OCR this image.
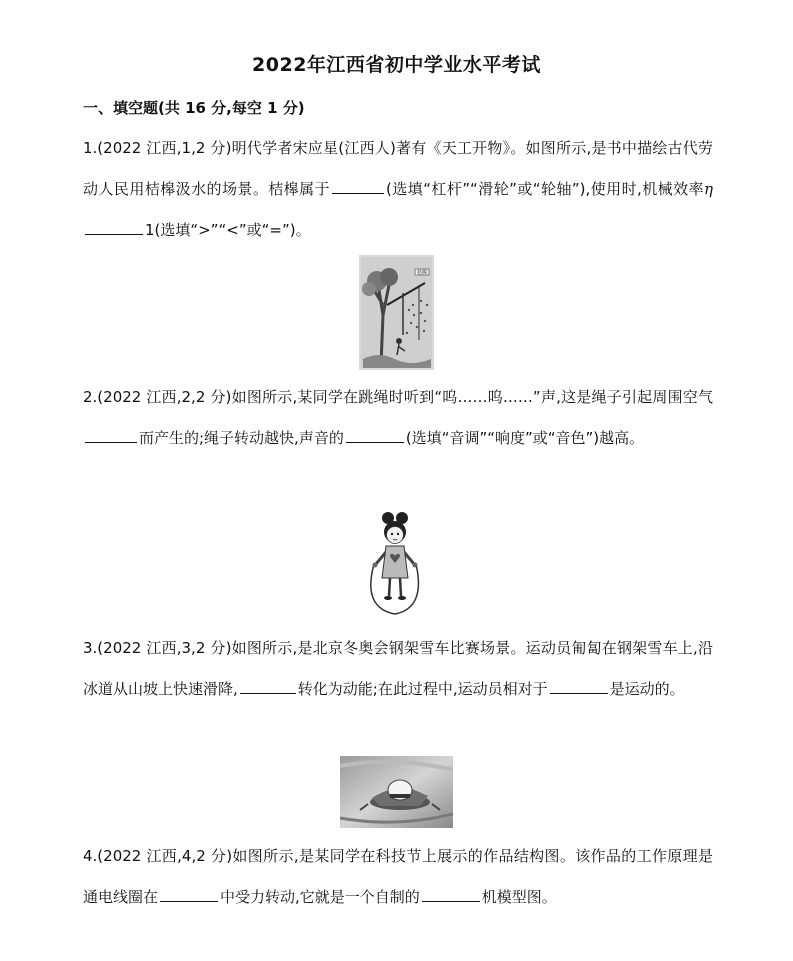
2022年江西省初中学业水平考试
一、填空题(共 16 分,每空 1 分)
1.(2022 江西,1,2 分)明代学者宋应星(江西人)著有《天工开物》。如图所示,是书中描绘古代劳动人民用桔槔汲水的场景。桔槔属于	(选填“杠杆”“滑轮”或“轮轴”),使用时,机械效率η1(选填“>”“<”或“=”)。
桔槔
2.(2022 江西,2,2 分)如图所示,某同学在跳绳时听到“呜……呜……”声,这是绳子引起周围空气而产生的;绳子转动越快,声音的	(选填“音调”“响度”或“音色”)越高。
3.(2022 江西,3,2 分)如图所示,是北京冬奥会钢架雪车比赛场景。运动员匍匐在钢架雪车上,沿冰道从山坡上快速滑降,	转化为动能;在此过程中,运动员相对于	是运动的。
4.(2022 江西,4,2 分)如图所示,是某同学在科技节上展示的作品结构图。该作品的工作原理是通电线圈在	中受力转动,它就是一个自制的	机模型图。
